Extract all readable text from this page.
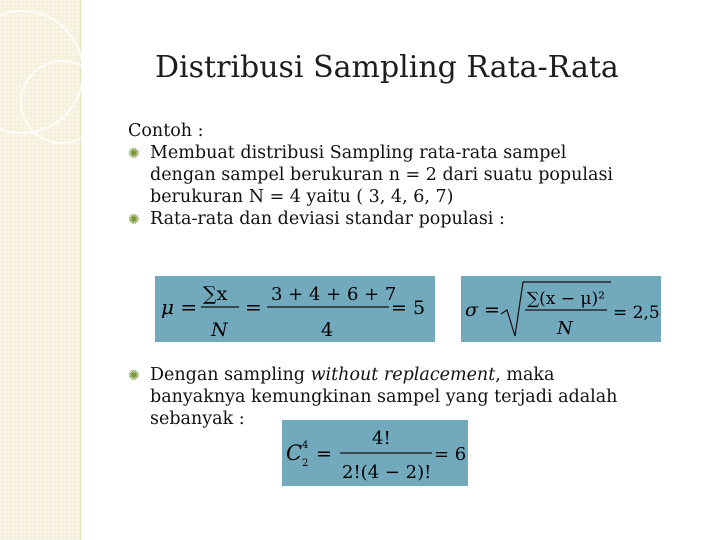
Distribusi Sampling Rata-Rata

Contoh :

✺ Membuat distribusi Sampling rata-rata sampel

dengan sampel berukuran n = 2 dari suatu populasi

berukuran N = 4 yaitu ( 3, 4, 6, 7)

✺ Rata-rata dan deviasi standar populasi :

μ =
∑x
N
=
3 + 4 + 6 + 7
4
= 5 σ = ∑(x − μ)²
N
= 2,5

✺ Dengan sampling without replacement, maka

banyaknya kemungkinan sampel yang terjadi adalah

sebanyak :

C 4
2 =
4!
2!(4 − 2)!
= 6
